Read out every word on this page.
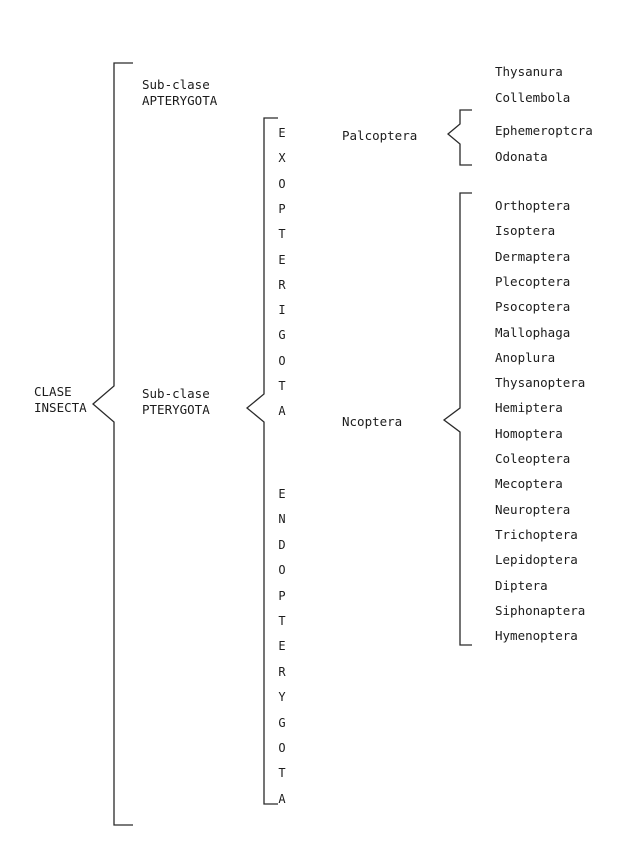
CLASE
INSECTA
Sub-clase
APTERYGOTA
Sub-clase
PTERYGOTA
E
X
O
P
T
E
R
I
G
O
T
A
E
N
D
O
P
T
E
R
Y
G
O
T
A
Palcoptera
Ncoptera
Thysanura
Collembola
Ephemeroptcra
Odonata
Orthoptera
Isoptera
Dermaptera
Plecoptera
Psocoptera
Mallophaga
Anoplura
Thysanoptera
Hemiptera
Homoptera
Coleoptera
Mecoptera
Neuroptera
Trichoptera
Lepidoptera
Diptera
Siphonaptera
Hymenoptera
